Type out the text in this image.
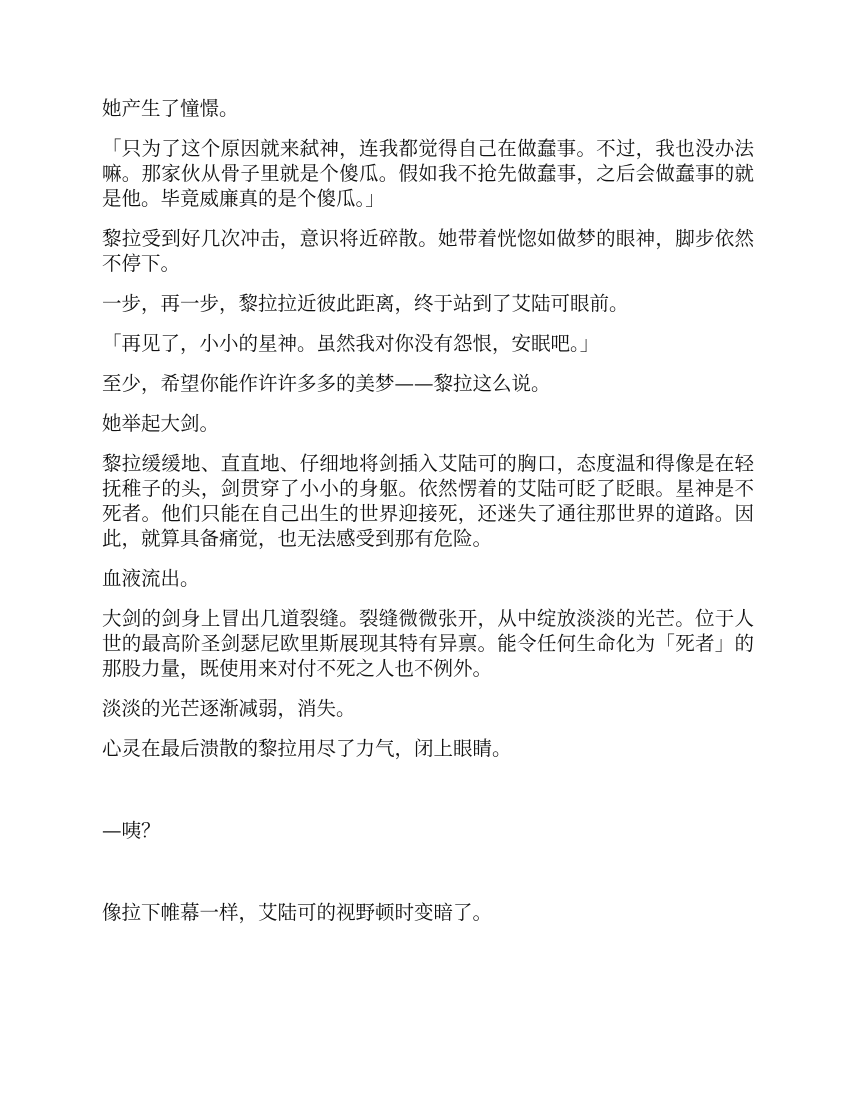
她产生了憧憬。

「只为了这个原因就来弑神，连我都觉得自己在做蠢事。不过，我也没办法嘛。那家伙从骨子里就是个傻瓜。假如我不抢先做蠢事，之后会做蠢事的就是他。毕竟威廉真的是个傻瓜。」

黎拉受到好几次冲击，意识将近碎散。她带着恍惚如做梦的眼神，脚步依然不停下。

一步，再一步，黎拉拉近彼此距离，终于站到了艾陆可眼前。

「再见了，小小的星神。虽然我对你没有怨恨，安眠吧。」

至少，希望你能作许许多多的美梦——黎拉这么说。

她举起大剑。

黎拉缓缓地、直直地、仔细地将剑插入艾陆可的胸口，态度温和得像是在轻抚稚子的头，剑贯穿了小小的身躯。依然愣着的艾陆可眨了眨眼。星神是不死者。他们只能在自己出生的世界迎接死，还迷失了通往那世界的道路。因此，就算具备痛觉，也无法感受到那有危险。

血液流出。

大剑的剑身上冒出几道裂缝。裂缝微微张开，从中绽放淡淡的光芒。位于人世的最高阶圣剑瑟尼欧里斯展现其特有异禀。能令任何生命化为「死者」的那股力量，既使用来对付不死之人也不例外。

淡淡的光芒逐渐减弱，消失。

心灵在最后溃散的黎拉用尽了力气，闭上眼睛。

—咦？

像拉下帷幕一样，艾陆可的视野顿时变暗了。
